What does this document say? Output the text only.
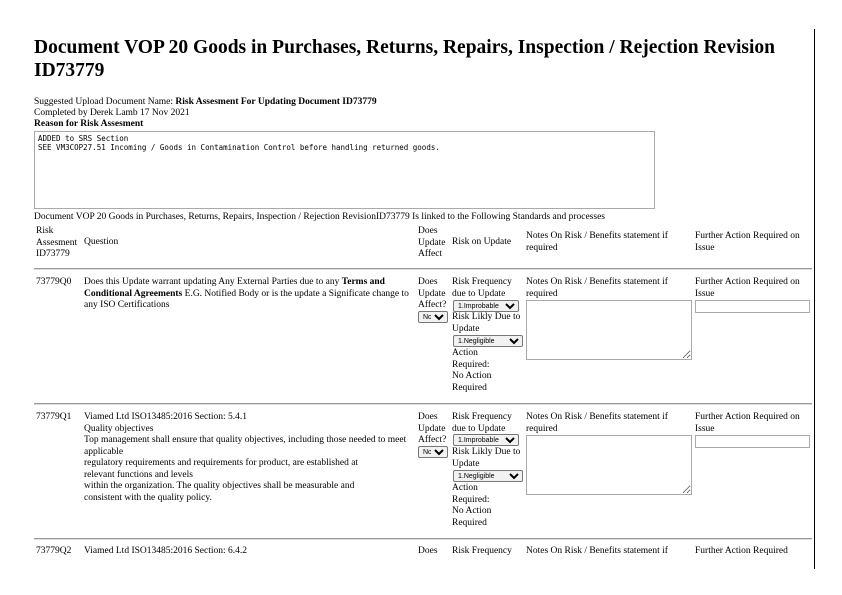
Document VOP 20 Goods in Purchases, Returns, Repairs, Inspection / Rejection Revision ID73779
Suggested Upload Document Name: Risk Assesment For Updating Document ID73779
Completed by Derek Lamb 17 Nov 2021
Reason for Risk Assesment
ADDED to SRS Section
SEE VM3COP27.51 Incoming / Goods in Contamination Control before handling returned goods.
Document VOP 20 Goods in Purchases, Returns, Repairs, Inspection / Rejection RevisionID73779 Is linked to the Following Standards and processes
Risk
Assesment
ID73779
Question
Does
Update
Affect
Risk on Update
Notes On Risk / Benefits statement if required
Further Action Required on Issue
73779Q0 Does this Update warrant updating Any External Parties due to any Terms and Conditional Agreements E.G. Notified Body or is the update a Significate change to any ISO Certifications
Does
Update
Affect?
No
Risk Frequency due to Update
1.Improbable
Risk Likly Due to Update
1.Negligible
Action Required:
No Action Required
Notes On Risk / Benefits statement if required
Further Action Required on Issue
73779Q1 Viamed Ltd ISO13485:2016 Section: 5.4.1
Quality objectives
Top management shall ensure that quality objectives, including those needed to meet applicable
regulatory requirements and requirements for product, are established at
relevant functions and levels
within the organization. The quality objectives shall be measurable and
consistent with the quality policy.
Does
Update
Affect?
No
Risk Frequency due to Update
1.Improbable
Risk Likly Due to Update
1.Negligible
Action Required:
No Action Required
Notes On Risk / Benefits statement if required
Further Action Required on Issue
73779Q2 Viamed Ltd ISO13485:2016 Section: 6.4.2	Does Risk Frequency Notes On Risk / Benefits statement if	Further Action Required
